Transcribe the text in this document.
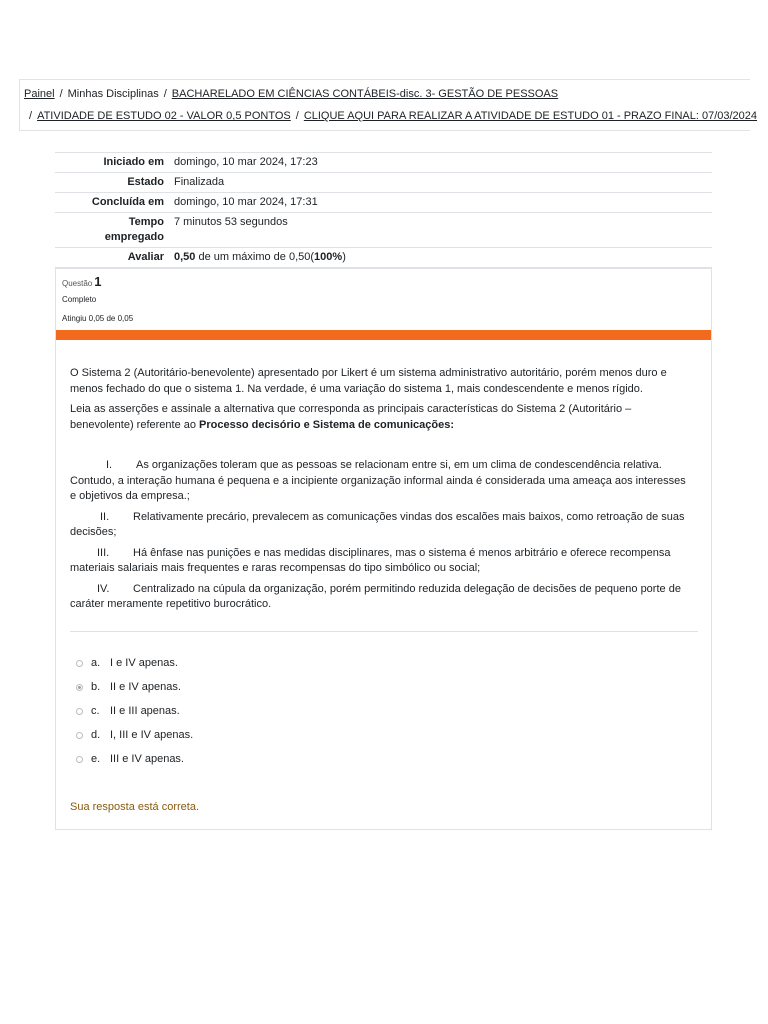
Painel / Minhas Disciplinas / BACHARELADO EM CIÊNCIAS CONTÁBEIS-disc. 3- GESTÃO DE PESSOAS
/ ATIVIDADE DE ESTUDO 02 - VALOR 0,5 PONTOS / CLIQUE AQUI PARA REALIZAR A ATIVIDADE DE ESTUDO 01 - PRAZO FINAL: 07/03/2024
Iniciado em	domingo, 10 mar 2024, 17:23
Estado	Finalizada
Concluída em	domingo, 10 mar 2024, 17:31
Tempo
empregado	7 minutos 53 segundos
Avaliar	0,50 de um máximo de 0,50(100%)
Questão 1
Completo
Atingiu 0,05 de 0,05

O Sistema 2 (Autoritário-benevolente) apresentado por Likert é um sistema administrativo autoritário, porém menos duro e menos fechado do que o sistema 1. Na verdade, é uma variação do sistema 1, mais condescendente e menos rígido.

Leia as asserções e assinale a alternativa que corresponda as principais características do Sistema 2 (Autoritário – benevolente) referente ao Processo decisório e Sistema de comunicações:

I. As organizações toleram que as pessoas se relacionam entre si, em um clima de condescendência relativa. Contudo, a interação humana é pequena e a incipiente organização informal ainda é considerada uma ameaça aos interesses e objetivos da empresa.;

II. Relativamente precário, prevalecem as comunicações vindas dos escalões mais baixos, como retroação de suas decisões;

III. Há ênfase nas punições e nas medidas disciplinares, mas o sistema é menos arbitrário e oferece recompensa materiais salariais mais frequentes e raras recompensas do tipo simbólico ou social;

IV. Centralizado na cúpula da organização, porém permitindo reduzida delegação de decisões de pequeno porte de caráter meramente repetitivo burocrático.

a. I e IV apenas.
b. II e IV apenas.
c. II e III apenas.
d. I, III e IV apenas.
e. III e IV apenas.
Sua resposta está correta.
